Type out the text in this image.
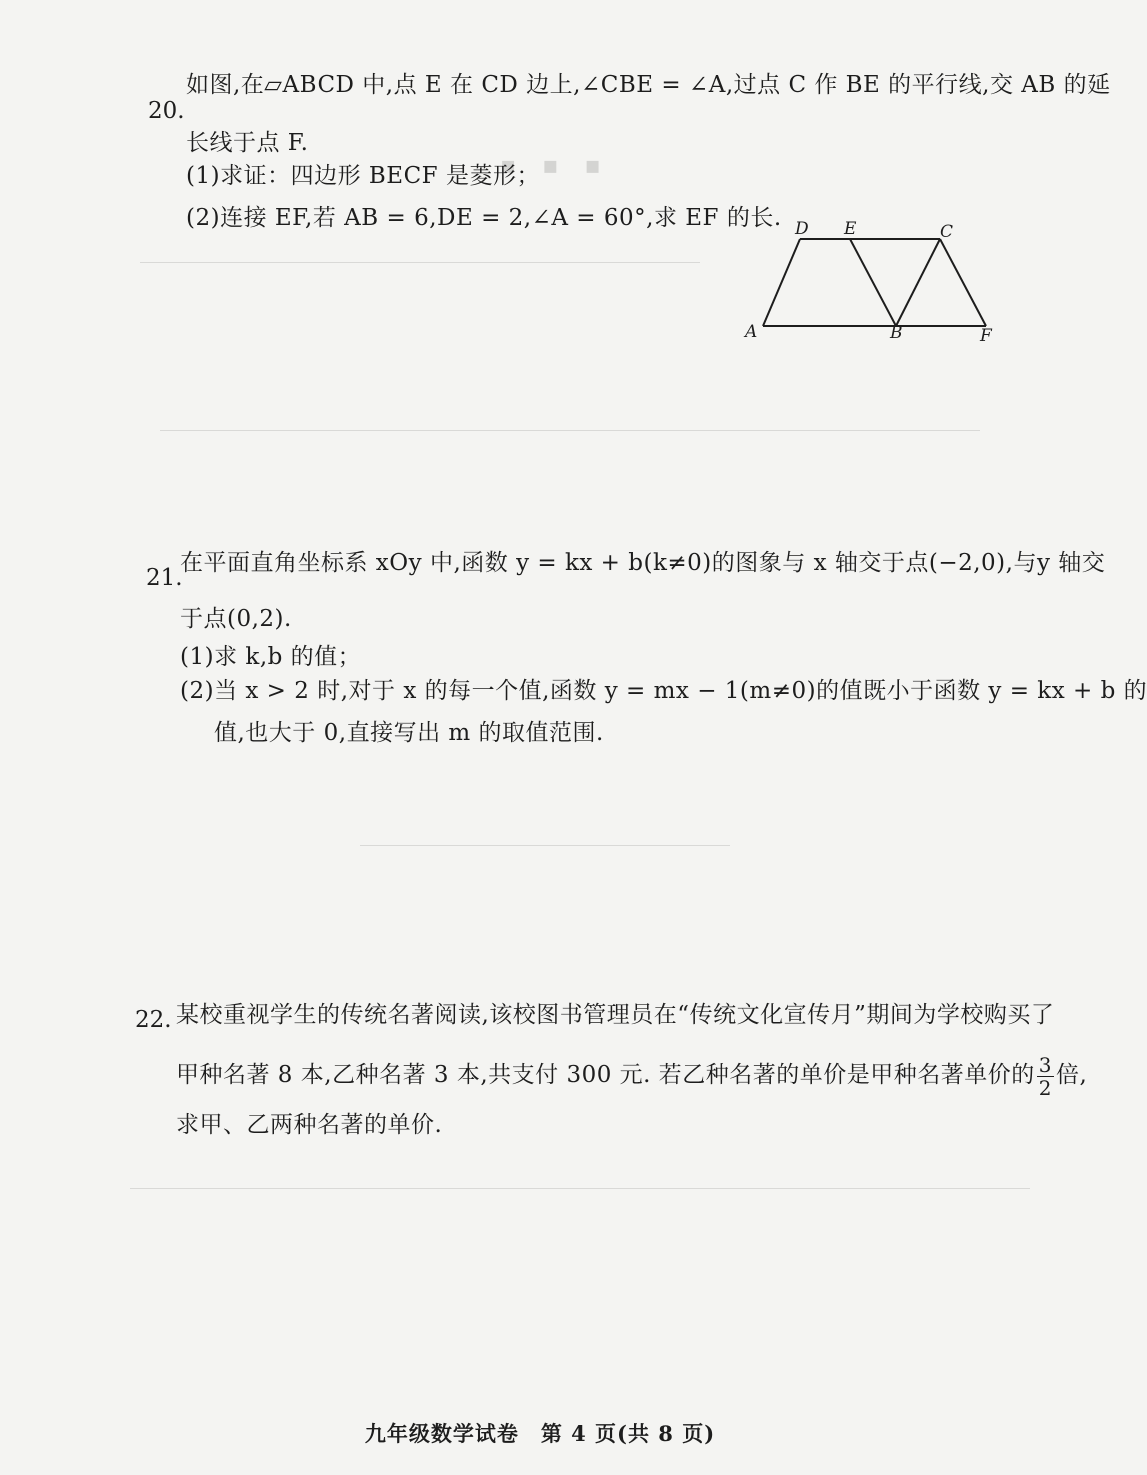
▪　▪　▪
20.
如图,在▱ABCD 中,点 E 在 CD 边上,∠CBE = ∠A,过点 C 作 BE 的平行线,交 AB 的延
长线于点 F.
(1)求证：四边形 BECF 是菱形；
(2)连接 EF,若 AB = 6,DE = 2,∠A = 60°,求 EF 的长. D E	C
A	B	F
21.
在平面直角坐标系 xOy 中,函数 y = kx + b(k≠0)的图象与 x 轴交于点(−2,0),与y 轴交
于点(0,2).
(1)求 k,b 的值；
(2)当 x > 2 时,对于 x 的每一个值,函数 y = mx − 1(m≠0)的值既小于函数 y = kx + b 的
值,也大于 0,直接写出 m 的取值范围.
22. 某校重视学生的传统名著阅读,该校图书管理员在“传统文化宣传月”期间为学校购买了
甲种名著 8 本,乙种名著 3 本,共支付 300 元. 若乙种名著的单价是甲种名著单价的 $\frac{3}{2}$ 倍,
求甲、乙两种名著的单价.
九年级数学试卷　第 4 页(共 8 页)
